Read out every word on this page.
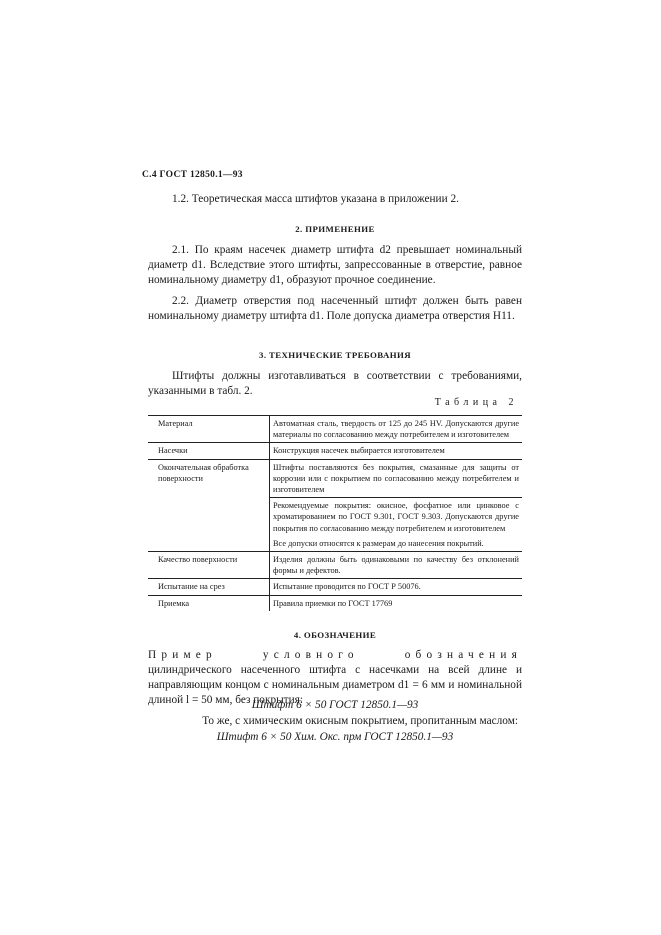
С.4 ГОСТ 12850.1—93
1.2. Теоретическая масса штифтов указана в приложении 2.
2. ПРИМЕНЕНИЕ
2.1. По краям насечек диаметр штифта d2 превышает номинальный диаметр d1. Вследствие этого штифты, запрессованные в отверстие, равное номинальному диаметру d1, образуют прочное соединение.
2.2. Диаметр отверстия под насеченный штифт должен быть равен номинальному диаметру штифта d1. Поле допуска диаметра отверстия H11.
3. ТЕХНИЧЕСКИЕ ТРЕБОВАНИЯ
Штифты должны изготавливаться в соответствии с требованиями, указанными в табл. 2.
Таблица 2
Материал	Автоматная сталь, твердость от 125 до 245 HV. Допускаются другие материалы по согласованию между потребителем и изготовителем
Насечки	Конструкция насечек выбирается изготовителем
Окончательная обработка поверхности	Штифты поставляются без покрытия, смазанные для защиты от коррозии или с покрытием по согласованию между потребителем и изготовителем
	Рекомендуемые покрытия: окисное, фосфатное или цинковое с хроматированием по ГОСТ 9.301, ГОСТ 9.303. Допускаются другие покрытия по согласованию между потребителем и изготовителем
	Все допуски относятся к размерам до нанесения покрытий.
Качество поверхности	Изделия должны быть одинаковыми по качеству без отклонений формы и дефектов.
Испытание на срез	Испытание проводится по ГОСТ Р 50076.
Приемка	Правила приемки по ГОСТ 17769
4. ОБОЗНАЧЕНИЕ
Пример условного обозначения цилиндрического насеченного штифта с насечками на всей длине и направляющим концом с номинальным диаметром d1 = 6 мм и номинальной длиной l = 50 мм, без покрытия:
Штифт 6 × 50 ГОСТ 12850.1—93
То же, с химическим окисным покрытием, пропитанным маслом:
Штифт 6 × 50 Хим. Окс. прм ГОСТ 12850.1—93
